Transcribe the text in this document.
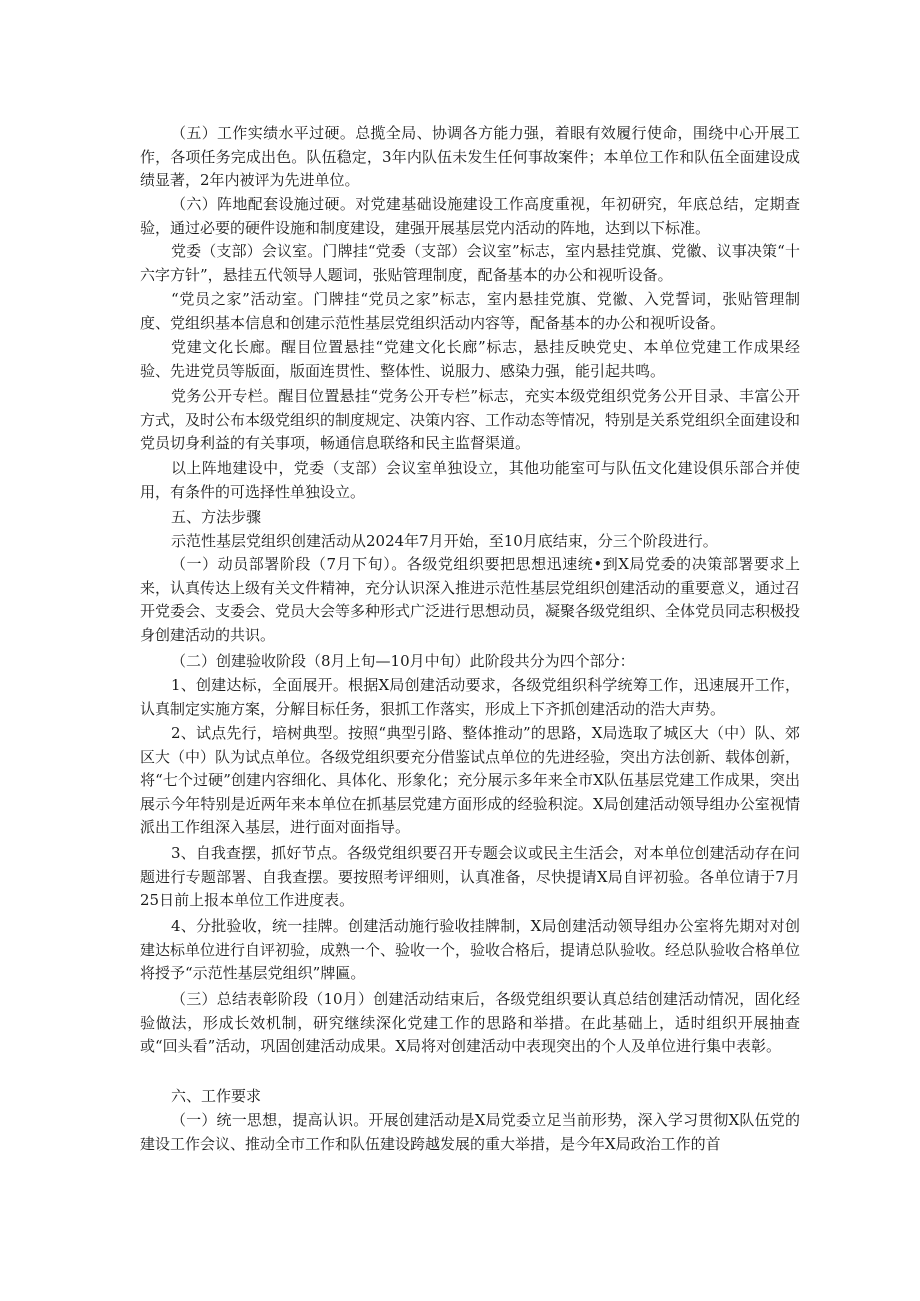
（五）工作实绩水平过硬。总揽全局、协调各方能力强，着眼有效履行使命，围绕中心开展工作，各项任务完成出色。队伍稳定，3年内队伍未发生任何事故案件；本单位工作和队伍全面建设成绩显著，2年内被评为先进单位。

（六）阵地配套设施过硬。对党建基础设施建设工作高度重视，年初研究，年底总结，定期查验，通过必要的硬件设施和制度建设，建强开展基层党内活动的阵地，达到以下标准。

党委（支部）会议室。门牌挂“党委（支部）会议室”标志，室内悬挂党旗、党徽、议事决策“十六字方针”，悬挂五代领导人题词，张贴管理制度，配备基本的办公和视听设备。

“党员之家”活动室。门牌挂“党员之家”标志，室内悬挂党旗、党徽、入党誓词，张贴管理制度、党组织基本信息和创建示范性基层党组织活动内容等，配备基本的办公和视听设备。

党建文化长廊。醒目位置悬挂“党建文化长廊”标志，悬挂反映党史、本单位党建工作成果经验、先进党员等版面，版面连贯性、整体性、说服力、感染力强，能引起共鸣。

党务公开专栏。醒目位置悬挂“党务公开专栏”标志，充实本级党组织党务公开目录、丰富公开方式，及时公布本级党组织的制度规定、决策内容、工作动态等情况，特别是关系党组织全面建设和党员切身利益的有关事项，畅通信息联络和民主监督渠道。

以上阵地建设中，党委（支部）会议室单独设立，其他功能室可与队伍文化建设俱乐部合并使用，有条件的可选择性单独设立。

五、方法步骤

示范性基层党组织创建活动从2024年7月开始，至10月底结束，分三个阶段进行。

（一）动员部署阶段（7月下旬）。各级党组织要把思想迅速统•到X局党委的决策部署要求上来，认真传达上级有关文件精神，充分认识深入推进示范性基层党组织创建活动的重要意义，通过召开党委会、支委会、党员大会等多种形式广泛进行思想动员，凝聚各级党组织、全体党员同志积极投身创建活动的共识。

（二）创建验收阶段（8月上旬—10月中旬）此阶段共分为四个部分：

1、创建达标，全面展开。根据X局创建活动要求，各级党组织科学统筹工作，迅速展开工作，认真制定实施方案，分解目标任务，狠抓工作落实，形成上下齐抓创建活动的浩大声势。

2、试点先行，培树典型。按照“典型引路、整体推动”的思路，X局选取了城区大（中）队、郊区大（中）队为试点单位。各级党组织要充分借鉴试点单位的先进经验，突出方法创新、载体创新，将“七个过硬”创建内容细化、具体化、形象化；充分展示多年来全市X队伍基层党建工作成果，突出展示今年特别是近两年来本单位在抓基层党建方面形成的经验积淀。X局创建活动领导组办公室视情派出工作组深入基层，进行面对面指导。

3、自我查摆，抓好节点。各级党组织要召开专题会议或民主生活会，对本单位创建活动存在问题进行专题部署、自我查摆。要按照考评细则，认真准备，尽快提请X局自评初验。各单位请于7月25日前上报本单位工作进度表。

4、分批验收，统一挂牌。创建活动施行验收挂牌制，X局创建活动领导组办公室将先期对对创建达标单位进行自评初验，成熟一个、验收一个，验收合格后，提请总队验收。经总队验收合格单位将授予“示范性基层党组织”牌匾。

（三）总结表彰阶段（10月）创建活动结束后，各级党组织要认真总结创建活动情况，固化经验做法，形成长效机制，研究继续深化党建工作的思路和举措。在此基础上，适时组织开展抽查或“回头看”活动，巩固创建活动成果。X局将对创建活动中表现突出的个人及单位进行集中表彰。

六、工作要求

（一）统一思想，提高认识。开展创建活动是X局党委立足当前形势，深入学习贯彻X队伍党的建设工作会议、推动全市工作和队伍建设跨越发展的重大举措，是今年X局政治工作的首
